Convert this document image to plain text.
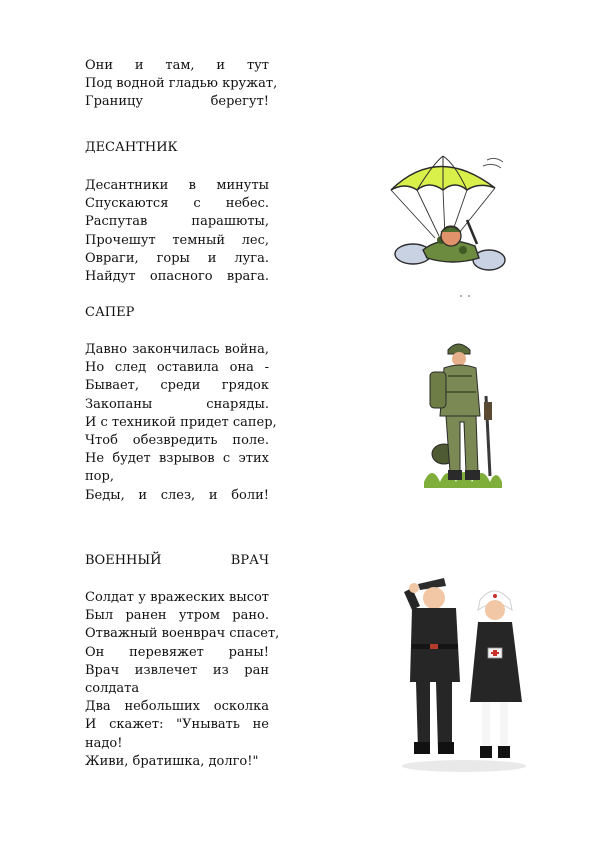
Они и там, и тут
Под водной гладью кружат,
Границу берегут!
ДЕСАНТНИК
Десантники в минуты
Спускаются с небес.
Распутав парашюты,
Прочешут темный лес,
Овраги, горы и луга.
Найдут опасного врага.
САПЕР
Давно закончилась война,
Но след оставила она -
Бывает, среди грядок
Закопаны снаряды.
И с техникой придет сапер,
Чтоб обезвредить поле.
Не будет взрывов с этих
пор,
Беды, и слез, и боли!
ВОЕННЫЙ ВРАЧ
Солдат у вражеских высот
Был ранен утром рано.
Отважный военврач спасет,
Он перевяжет раны!
Врач извлечет из ран
солдата
Два небольших осколка
И скажет: "Унывать не
надо!
Живи, братишка, долго!"
